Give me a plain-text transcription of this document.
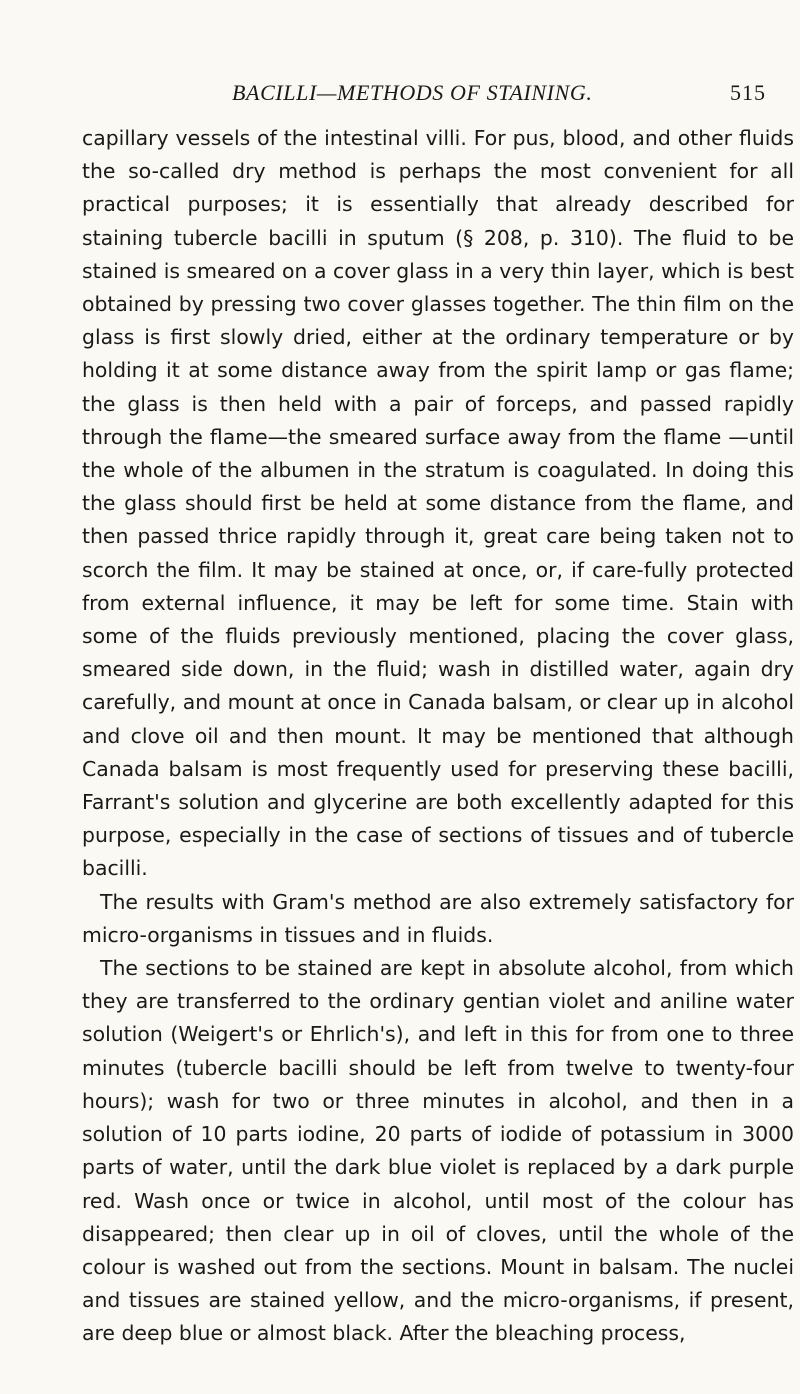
BACILLI—METHODS OF STAINING.	515

capillary vessels of the intestinal villi. For pus, blood, and other fluids the so-called dry method is perhaps the most convenient for all practical purposes; it is essentially that already described for staining tubercle bacilli in sputum (§ 208, p. 310). The fluid to be stained is smeared on a cover glass in a very thin layer, which is best obtained by pressing two cover glasses together. The thin film on the glass is first slowly dried, either at the ordinary temperature or by holding it at some distance away from the spirit lamp or gas flame; the glass is then held with a pair of forceps, and passed rapidly through the flame—the smeared surface away from the flame —until the whole of the albumen in the stratum is coagulated. In doing this the glass should first be held at some distance from the flame, and then passed thrice rapidly through it, great care being taken not to scorch the film. It may be stained at once, or, if care-fully protected from external influence, it may be left for some time. Stain with some of the fluids previously mentioned, placing the cover glass, smeared side down, in the fluid; wash in distilled water, again dry carefully, and mount at once in Canada balsam, or clear up in alcohol and clove oil and then mount. It may be mentioned that although Canada balsam is most frequently used for preserving these bacilli, Farrant's solution and glycerine are both excellently adapted for this purpose, especially in the case of sections of tissues and of tubercle bacilli.

The results with Gram's method are also extremely satisfactory for micro-organisms in tissues and in fluids.

The sections to be stained are kept in absolute alcohol, from which they are transferred to the ordinary gentian violet and aniline water solution (Weigert's or Ehrlich's), and left in this for from one to three minutes (tubercle bacilli should be left from twelve to twenty-four hours); wash for two or three minutes in alcohol, and then in a solution of 10 parts iodine, 20 parts of iodide of potassium in 3000 parts of water, until the dark blue violet is replaced by a dark purple red. Wash once or twice in alcohol, until most of the colour has disappeared; then clear up in oil of cloves, until the whole of the colour is washed out from the sections. Mount in balsam. The nuclei and tissues are stained yellow, and the micro-organisms, if present, are deep blue or almost black. After the bleaching process,
